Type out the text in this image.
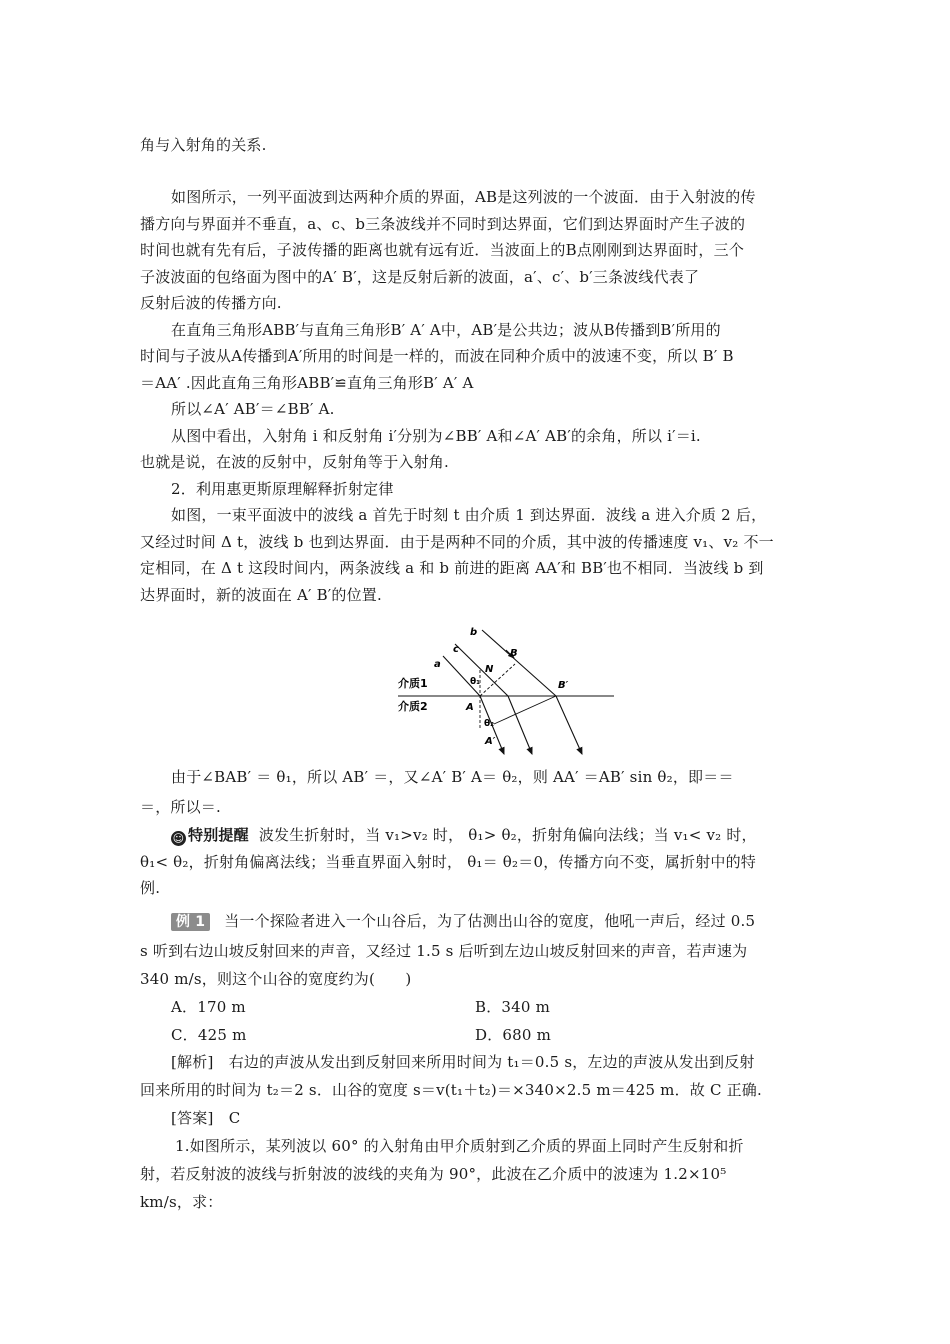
角与入射角的关系.
如图所示，一列平面波到达两种介质的界面，AB是这列波的一个波面．由于入射波的传
播方向与界面并不垂直，a、c、b三条波线并不同时到达界面，它们到达界面时产生子波的
时间也就有先有后，子波传播的距离也就有远有近．当波面上的B点刚刚到达界面时，三个
子波波面的包络面为图中的A′ B′，这是反射后新的波面，a′、c′、b′三条波线代表了
反射后波的传播方向.
在直角三角形ABB′与直角三角形B′ A′ A中，AB′是公共边；波从B传播到B′所用的
时间与子波从A传播到A′所用的时间是一样的，而波在同种介质中的波速不变，所以 B′ B
＝AA′ .因此直角三角形ABB′≌直角三角形B′ A′ A
所以∠A′ AB′＝∠BB′ A.
从图中看出，入射角 i 和反射角 i′分别为∠BB′ A和∠A′ AB′的余角，所以 i′＝i.
也就是说，在波的反射中，反射角等于入射角.
2．利用惠更斯原理解释折射定律
如图，一束平面波中的波线 a 首先于时刻 t 由介质 1 到达界面．波线 a 进入介质 2 后，
又经过时间 Δ t，波线 b 也到达界面．由于是两种不同的介质，其中波的传播速度 v₁、v₂ 不一
定相同，在 Δ t 这段时间内，两条波线 a 和 b 前进的距离 AA′和 BB′也不相同．当波线 b 到
达界面时，新的波面在 A′ B′的位置.
介质1
介质2
b
c
a
B
N
B′
θ₁
A
θ₂
A′
由于∠BAB′ ＝ θ₁，所以 AB′ ＝，又∠A′ B′ A＝ θ₂，则 AA′ ＝AB′ sin θ₂，即＝＝
＝，所以＝.
☺ 特别提醒 波发生折射时，当 v₁>v₂ 时， θ₁> θ₂，折射角偏向法线；当 v₁< v₂ 时，
θ₁< θ₂，折射角偏离法线；当垂直界面入射时， θ₁＝ θ₂＝0，传播方向不变，属折射中的特
例.
例 1 当一个探险者进入一个山谷后，为了估测出山谷的宽度，他吼一声后，经过 0.5
s 听到右边山坡反射回来的声音，又经过 1.5 s 后听到左边山坡反射回来的声音，若声速为
340 m/s，则这个山谷的宽度约为(　　)
A．170 m	B．340 m
C．425 m	D．680 m
[解析]　右边的声波从发出到反射回来所用时间为 t₁＝0.5 s，左边的声波从发出到反射
回来所用的时间为 t₂＝2 s．山谷的宽度 s＝v(t₁＋t₂)＝×340×2.5 m＝425 m．故 C 正确.
[答案]　C
1.如图所示，某列波以 60° 的入射角由甲介质射到乙介质的界面上同时产生反射和折
射，若反射波的波线与折射波的波线的夹角为 90°，此波在乙介质中的波速为 1.2×10⁵
km/s，求：
